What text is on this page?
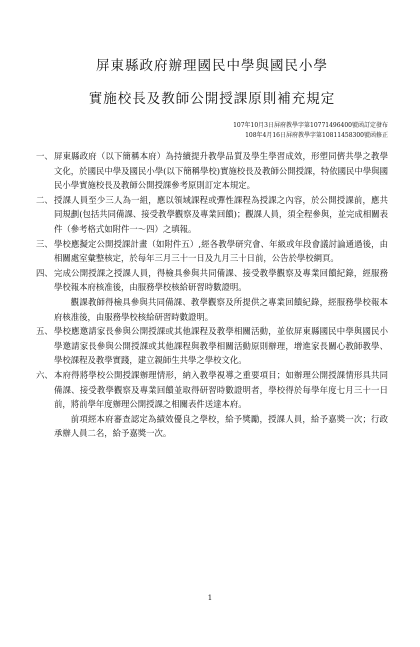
屏東縣政府辦理國民中學與國民小學
實施校長及教師公開授課原則補充規定
107年10月3日屏府教學字第10771496400號函訂定發布
108年4月16日屏府教學字第10811458300號函修正
一、 屏東縣政府（以下簡稱本府）為持續提升教學品質及學生學習成效，形塑同儕共學之教學文化，於國民中學及國民小學(以下簡稱學校)實施校長及教師公開授課，特依國民中學與國民小學實施校長及教師公開授課參考原則訂定本規定。
二、 授課人員至少三人為一組，應以領域課程或彈性課程為授課之內容，於公開授課前，應共同規劃(包括共同備課、接受教學觀察及專業回饋)；觀課人員，須全程參與，並完成相關表件（參考格式如附件一～四）之填報。
三、 學校應擬定公開授課計畫（如附件五）,經各教學研究會、年級或年段會議討論通過後，由相關處室彙整核定，於每年三月三十一日及九月三十日前，公告於學校網頁。
四、 完成公開授課之授課人員，得檢具參與共同備課、接受教學觀察及專業回饋紀錄，經服務學校報本府核准後，由服務學校核給研習時數證明。
觀課教師得檢具參與共同備課、教學觀察及所提供之專業回饋紀錄，經服務學校報本府核准後，由服務學校核給研習時數證明。
五、 學校應邀請家長參與公開授課或其他課程及教學相關活動，並依屏東縣國民中學與國民小學邀請家長參與公開授課或其他課程與教學相關活動原則辦理，增進家長關心教師教學、學校課程及教學實踐，建立親師生共學之學校文化。
六、 本府得將學校公開授課辦理情形，納入教學視導之重要項目；如辦理公開授課情形具共同備課、接受教學觀察及專業回饋並取得研習時數證明者，學校得於每學年度七月三十一日前，將前學年度辦理公開授課之相關表件送達本府。
前項經本府審查認定為績效優良之學校，給予獎勵，授課人員，給予嘉獎一次；行政承辦人員二名，給予嘉獎一次。
1
